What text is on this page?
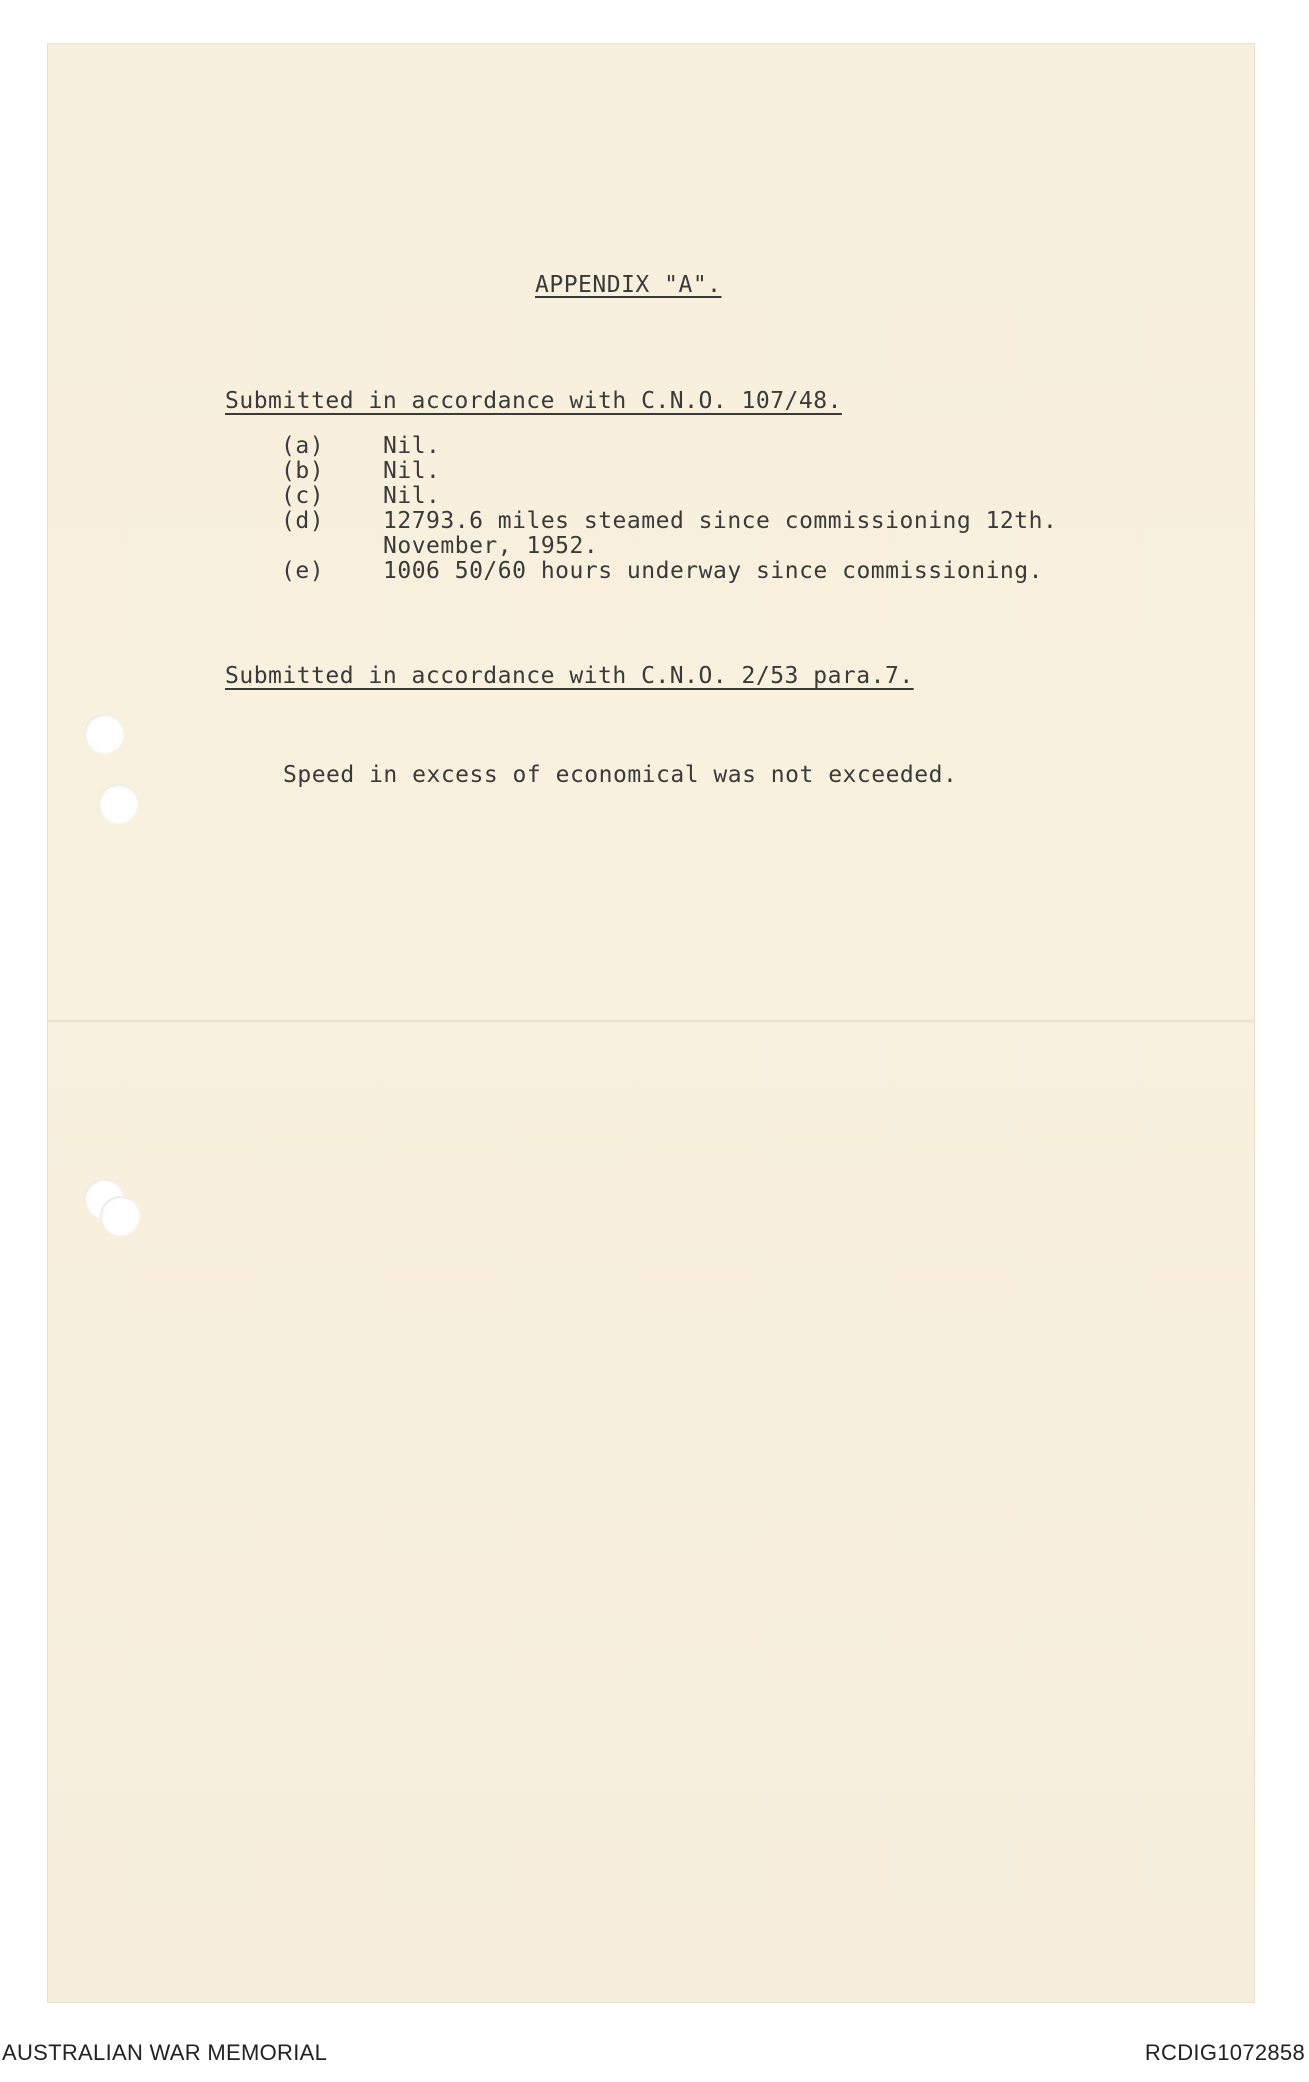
APPENDIX "A".
Submitted in accordance with C.N.O. 107/48.
(a)	Nil.
(b)	Nil.
(c)	Nil.
(d)	12793.6 miles steamed since commissioning 12th.
November, 1952.
(e)	1006 50/60 hours underway since commissioning.
Submitted in accordance with C.N.O. 2/53 para.7.
Speed in excess of economical was not exceeded.
AUSTRALIAN WAR MEMORIAL	RCDIG1072858
